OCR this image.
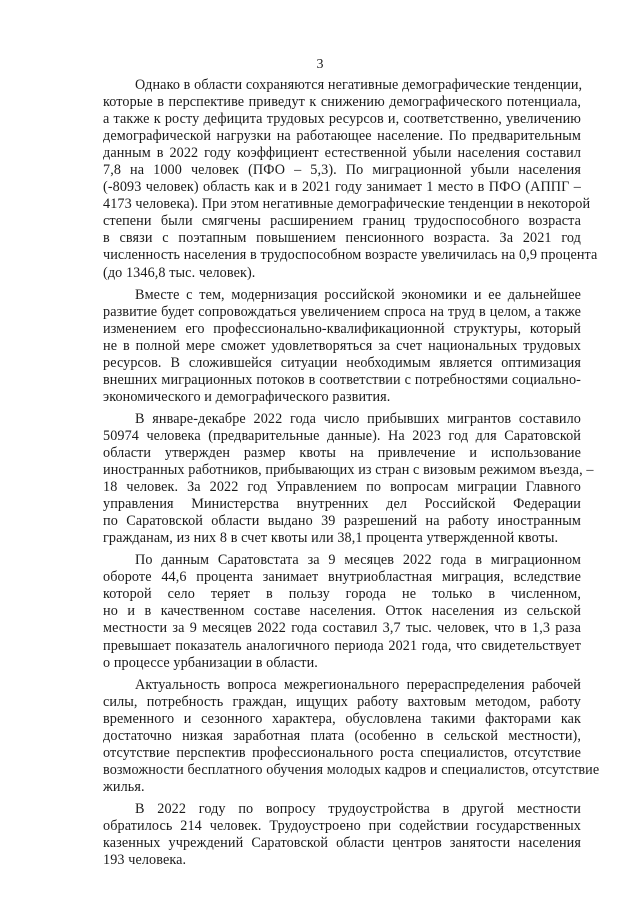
3
Однако в области сохраняются негативные демографические тенденции,
которые в перспективе приведут к снижению демографического потенциала,
а также к росту дефицита трудовых ресурсов и, соответственно, увеличению
демографической нагрузки на работающее население. По предварительным
данным в 2022 году коэффициент естественной убыли населения составил
7,8 на 1000 человек (ПФО – 5,3). По миграционной убыли населения
(-8093 человек) область как и в 2021 году занимает 1 место в ПФО (АППГ –
4173 человека). При этом негативные демографические тенденции в некоторой
степени были смягчены расширением границ трудоспособного возраста
в связи с поэтапным повышением пенсионного возраста. За 2021 год
численность населения в трудоспособном возрасте увеличилась на 0,9 процента
(до 1346,8 тыс. человек).
Вместе с тем, модернизация российской экономики и ее дальнейшее
развитие будет сопровождаться увеличением спроса на труд в целом, а также
изменением его профессионально-квалификационной структуры, который
не в полной мере сможет удовлетворяться за счет национальных трудовых
ресурсов. В сложившейся ситуации необходимым является оптимизация
внешних миграционных потоков в соответствии с потребностями социально-
экономического и демографического развития.
В январе-декабре 2022 года число прибывших мигрантов составило
50974 человека (предварительные данные). На 2023 год для Саратовской
области утвержден размер квоты на привлечение и использование
иностранных работников, прибывающих из стран с визовым режимом въезда, –
18 человек. За 2022 год Управлением по вопросам миграции Главного
управления Министерства внутренних дел Российской Федерации
по Саратовской области выдано 39 разрешений на работу иностранным
гражданам, из них 8 в счет квоты или 38,1 процента утвержденной квоты.
По данным Саратовстата за 9 месяцев 2022 года в миграционном
обороте 44,6 процента занимает внутриобластная миграция, вследствие
которой село теряет в пользу города не только в численном,
но и в качественном составе населения. Отток населения из сельской
местности за 9 месяцев 2022 года составил 3,7 тыс. человек, что в 1,3 раза
превышает показатель аналогичного периода 2021 года, что свидетельствует
о процессе урбанизации в области.
Актуальность вопроса межрегионального перераспределения рабочей
силы, потребность граждан, ищущих работу вахтовым методом, работу
временного и сезонного характера, обусловлена такими факторами как
достаточно низкая заработная плата (особенно в сельской местности),
отсутствие перспектив профессионального роста специалистов, отсутствие
возможности бесплатного обучения молодых кадров и специалистов, отсутствие
жилья.
В 2022 году по вопросу трудоустройства в другой местности
обратилось 214 человек. Трудоустроено при содействии государственных
казенных учреждений Саратовской области центров занятости населения
193 человека.
